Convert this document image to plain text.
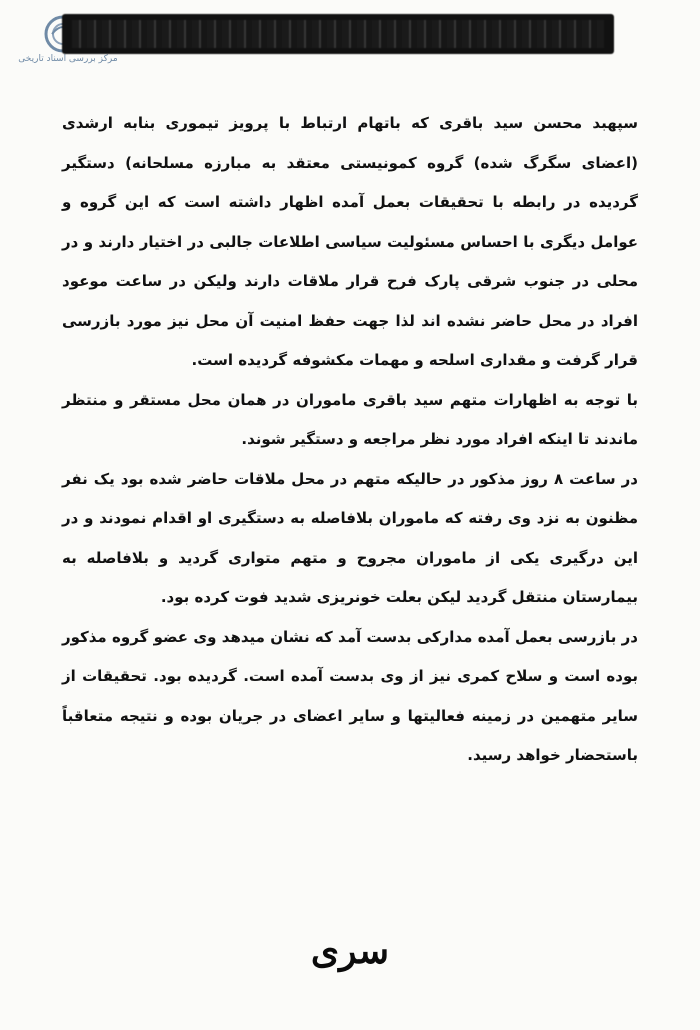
مرکز بررسی اسناد تاریخی

سپهبد محسن سید باقری که باتهام ارتباط با پرویز تیموری بنابه ارشدی (اعضای سگرگ شده) گروه کمونیستی معتقد به مبارزه مسلحانه) دستگیر گردیده در رابطه با تحقیقات بعمل آمده اظهار داشته است که این گروه و عوامل دیگری با احساس مسئولیت سیاسی اطلاعات جالبی در اختیار دارند و در محلی در جنوب شرقی پارک فرح قرار ملاقات دارند ولیکن در ساعت موعود افراد در محل حاضر نشده اند لذا جهت حفظ امنیت آن محل نیز مورد بازرسی قرار گرفت و مقداری اسلحه و مهمات مکشوفه گردیده است.

با توجه به اظهارات متهم سید باقری ماموران در همان محل مستقر و منتظر ماندند تا اینکه افراد مورد نظر مراجعه و دستگیر شوند.

در ساعت ۸ روز مذکور در حالیکه متهم در محل ملاقات حاضر شده بود یک نفر مظنون به نزد وی رفته که ماموران بلافاصله به دستگیری او اقدام نمودند و در این درگیری یکی از ماموران مجروح و متهم متواری گردید و بلافاصله به بیمارستان منتقل گردید لیکن بعلت خونریزی شدید فوت کرده بود.

در بازرسی بعمل آمده مدارکی بدست آمد که نشان میدهد وی عضو گروه مذکور بوده است و سلاح کمری نیز از وی بدست آمده است. گردیده بود. تحقیقات از سایر متهمین در زمینه فعالیتها و سایر اعضای در جریان بوده و نتیجه متعاقباً باستحضار خواهد رسید.

سری
